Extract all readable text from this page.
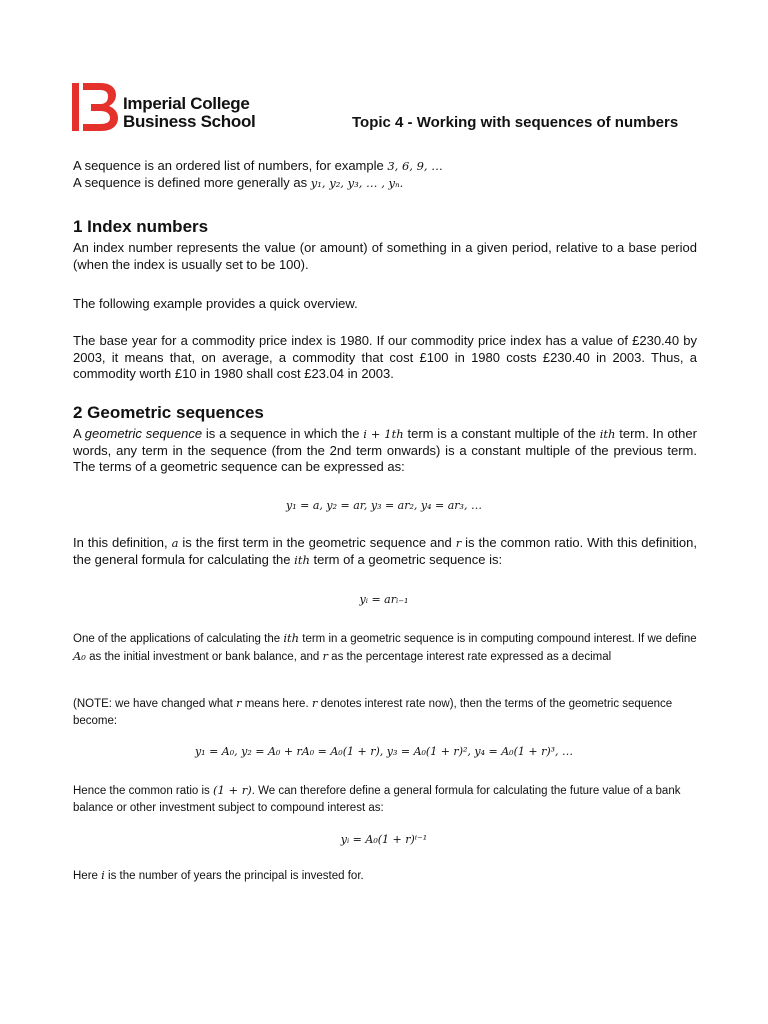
Imperial College
Business School	Topic 4 - Working with sequences of numbers

A sequence is an ordered list of numbers, for example 3, 6, 9, …

A sequence is defined more generally as y₁, y₂, y₃, … , yₙ.

1 Index numbers

An index number represents the value (or amount) of something in a given period, relative to a base period (when the index is usually set to be 100).

The following example provides a quick overview.

The base year for a commodity price index is 1980. If our commodity price index has a value of £230.40 by 2003, it means that, on average, a commodity that cost £100 in 1980 costs £230.40 in 2003. Thus, a commodity worth £10 in 1980 shall cost £23.04 in 2003.

2 Geometric sequences

A geometric sequence is a sequence in which the i + 1th term is a constant multiple of the ith term. In other words, any term in the sequence (from the 2nd term onwards) is a constant multiple of the previous term. The terms of a geometric sequence can be expressed as:

y₁ = a, y₂ = ar, y₃ = ar₂, y₄ = ar₃, …

In this definition, a is the first term in the geometric sequence and r is the common ratio. With this definition, the general formula for calculating the ith term of a geometric sequence is:

yᵢ = arᵢ₋₁

One of the applications of calculating the ith term in a geometric sequence is in computing compound interest. If we define A₀ as the initial investment or bank balance, and r as the percentage interest rate expressed as a decimal

(NOTE: we have changed what r means here. r denotes interest rate now), then the terms of the geometric sequence become:

y₁ = A₀, y₂ = A₀ + rA₀ = A₀(1 + r), y₃ = A₀(1 + r)², y₄ = A₀(1 + r)³, …

Hence the common ratio is (1 + r). We can therefore define a general formula for calculating the future value of a bank balance or other investment subject to compound interest as:

yᵢ = A₀(1 + r)ⁱ⁻¹

Here i is the number of years the principal is invested for.
